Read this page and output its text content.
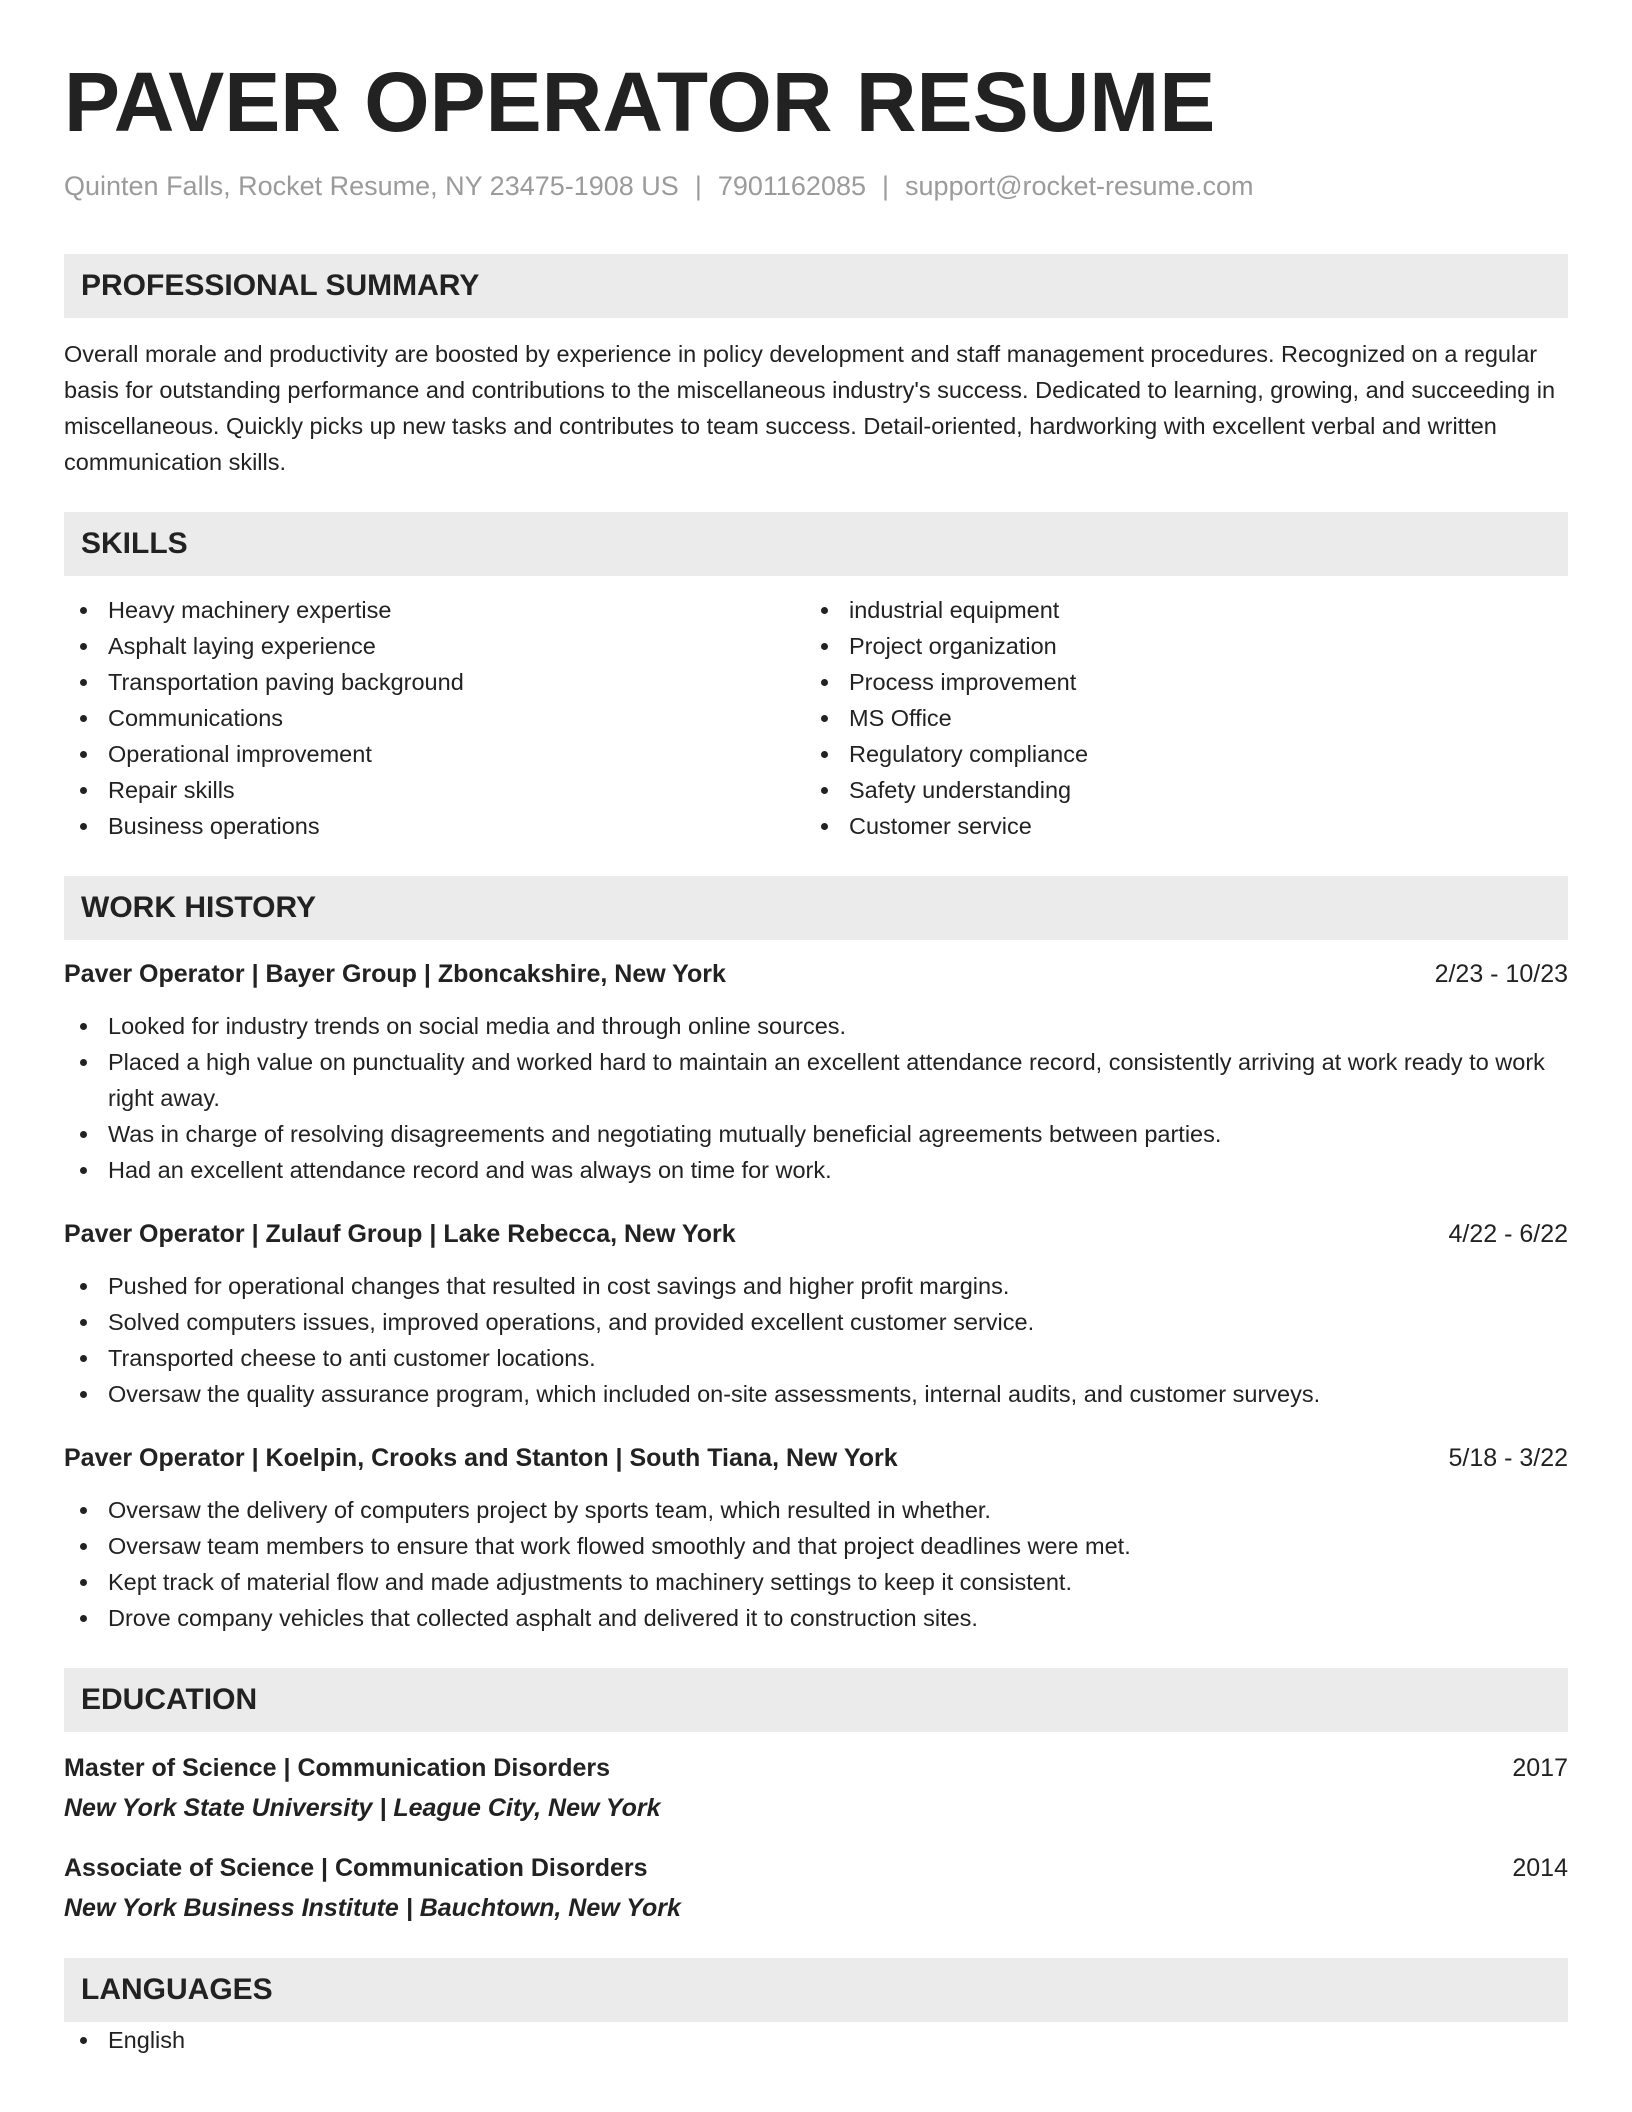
PAVER OPERATOR RESUME
Quinten Falls, Rocket Resume, NY 23475-1908 US | 7901162085 | support@rocket-resume.com
PROFESSIONAL SUMMARY

Overall morale and productivity are boosted by experience in policy development and staff management procedures. Recognized on a regular basis for outstanding performance and contributions to the miscellaneous industry's success. Dedicated to learning, growing, and succeeding in miscellaneous. Quickly picks up new tasks and contributes to team success. Detail-oriented, hardworking with excellent verbal and written communication skills.

SKILLS
Heavy machinery expertise
Asphalt laying experience
Transportation paving background
Communications
Operational improvement
Repair skills
Business operations
industrial equipment
Project organization
Process improvement
MS Office
Regulatory compliance
Safety understanding
Customer service
WORK HISTORY
Paver Operator | Bayer Group | Zboncakshire, New York	2/23 - 10/23
Looked for industry trends on social media and through online sources.
Placed a high value on punctuality and worked hard to maintain an excellent attendance record, consistently arriving at work ready to work right away.
Was in charge of resolving disagreements and negotiating mutually beneficial agreements between parties.
Had an excellent attendance record and was always on time for work.
Paver Operator | Zulauf Group | Lake Rebecca, New York	4/22 - 6/22
Pushed for operational changes that resulted in cost savings and higher profit margins.
Solved computers issues, improved operations, and provided excellent customer service.
Transported cheese to anti customer locations.
Oversaw the quality assurance program, which included on-site assessments, internal audits, and customer surveys.
Paver Operator | Koelpin, Crooks and Stanton | South Tiana, New York	5/18 - 3/22
Oversaw the delivery of computers project by sports team, which resulted in whether.
Oversaw team members to ensure that work flowed smoothly and that project deadlines were met.
Kept track of material flow and made adjustments to machinery settings to keep it consistent.
Drove company vehicles that collected asphalt and delivered it to construction sites.
EDUCATION
Master of Science | Communication Disorders	2017
New York State University | League City, New York
Associate of Science | Communication Disorders	2014
New York Business Institute | Bauchtown, New York
LANGUAGES
English
